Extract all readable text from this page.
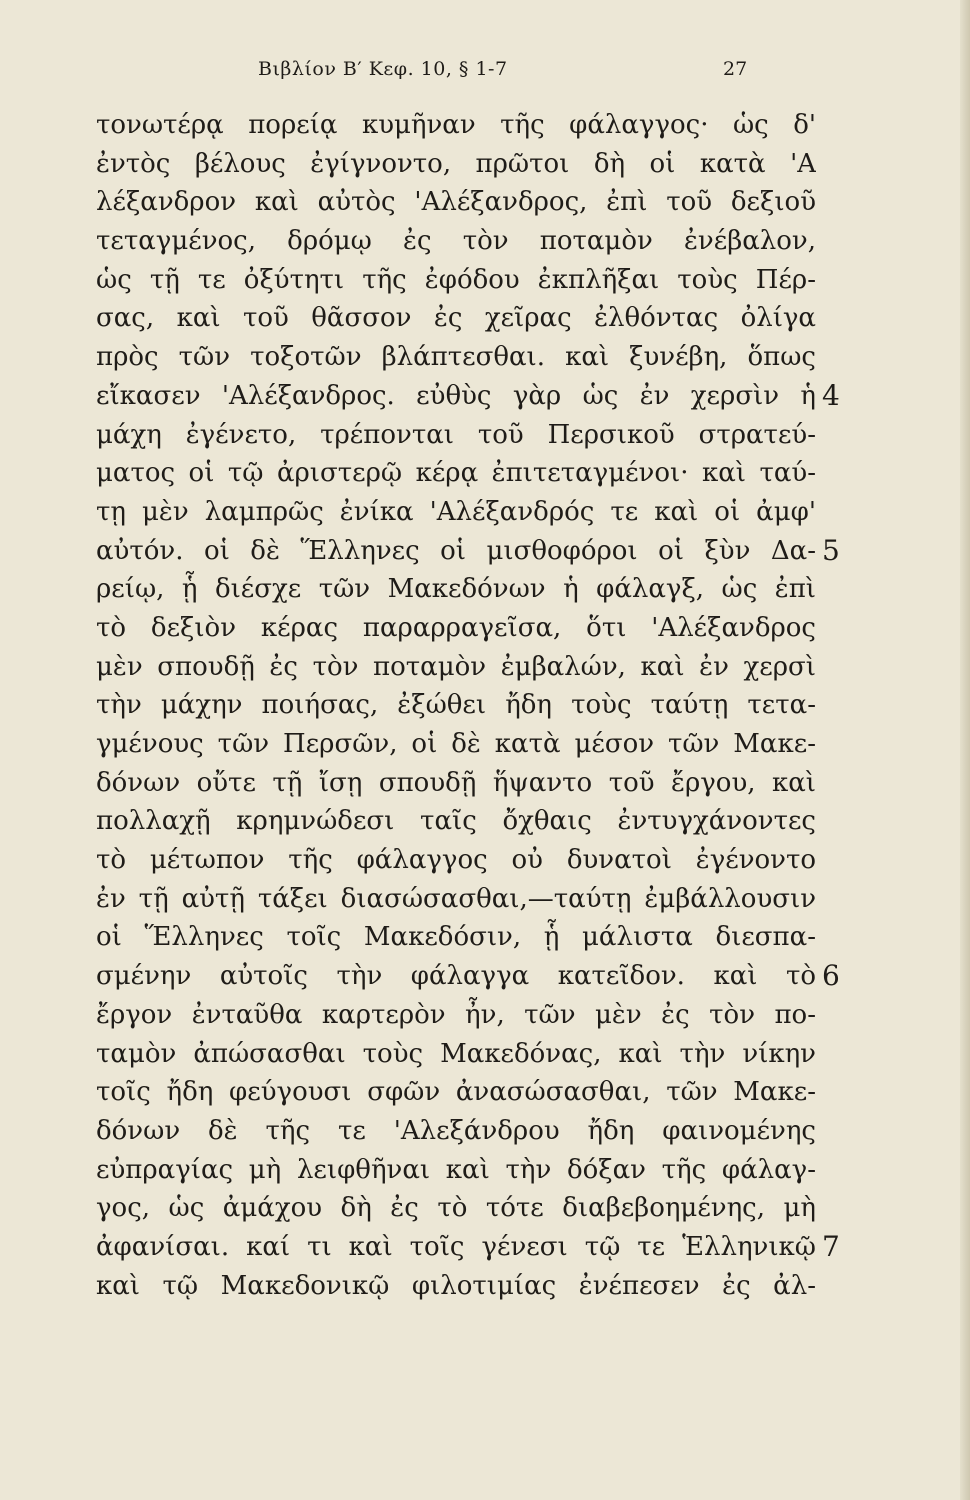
Βιβλίον Β′ Κεφ. 10, § 1-7	27
τονωτέρᾳ πορείᾳ κυμῆναν τῆς φάλαγγος· ὡς δ'
ἐντὸς βέλους ἐγίγνοντο, πρῶτοι δὴ οἱ κατὰ 'Α
λέξανδρον καὶ αὐτὸς 'Αλέξανδρος, ἐπὶ τοῦ δεξιοῦ
τεταγμένος, δρόμῳ ἐς τὸν ποταμὸν ἐνέβαλον,
ὡς τῇ τε ὀξύτητι τῆς ἐφόδου ἐκπλῆξαι τοὺς Πέρ-
σας, καὶ τοῦ θᾶσσον ἐς χεῖρας ἐλθόντας ὀλίγα
πρὸς τῶν τοξοτῶν βλάπτεσθαι. καὶ ξυνέβη, ὅπως
εἴκασεν 'Αλέξανδρος. εὐθὺς γὰρ ὡς ἐν χερσὶν ἡ
μάχη ἐγένετο, τρέπονται τοῦ Περσικοῦ στρατεύ-
ματος οἱ τῷ ἀριστερῷ κέρᾳ ἐπιτεταγμένοι· καὶ ταύ-
τῃ μὲν λαμπρῶς ἐνίκα 'Αλέξανδρός τε καὶ οἱ ἀμφ'
αὐτόν. οἱ δὲ Ἕλληνες οἱ μισθοφόροι οἱ ξὺν Δα-
ρείῳ, ᾗ διέσχε τῶν Μακεδόνων ἡ φάλαγξ, ὡς ἐπὶ
τὸ δεξιὸν κέρας παραρραγεῖσα, ὅτι 'Αλέξανδρος
μὲν σπουδῇ ἐς τὸν ποταμὸν ἐμβαλών, καὶ ἐν χερσὶ
τὴν μάχην ποιήσας, ἐξώθει ἤδη τοὺς ταύτῃ τετα-
γμένους τῶν Περσῶν, οἱ δὲ κατὰ μέσον τῶν Μακε-
δόνων οὔτε τῇ ἴσῃ σπουδῇ ἥψαντο τοῦ ἔργου, καὶ
πολλαχῇ κρημνώδεσι ταῖς ὄχθαις ἐντυγχάνοντες
τὸ μέτωπον τῆς φάλαγγος οὐ δυνατοὶ ἐγένοντο
ἐν τῇ αὐτῇ τάξει διασώσασθαι,—ταύτῃ ἐμβάλλουσιν
οἱ Ἕλληνες τοῖς Μακεδόσιν, ᾗ μάλιστα διεσπα-
σμένην αὐτοῖς τὴν φάλαγγα κατεῖδον. καὶ τὸ
ἔργον ἐνταῦθα καρτερὸν ἦν, τῶν μὲν ἐς τὸν πο-
ταμὸν ἀπώσασθαι τοὺς Μακεδόνας, καὶ τὴν νίκην
τοῖς ἤδη φεύγουσι σφῶν ἀνασώσασθαι, τῶν Μακε-
δόνων δὲ τῆς τε 'Αλεξάνδρου ἤδη φαινομένης
εὐπραγίας μὴ λειφθῆναι καὶ τὴν δόξαν τῆς φάλαγ-
γος, ὡς ἀμάχου δὴ ἐς τὸ τότε διαβεβοημένης, μὴ
ἀφανίσαι. καί τι καὶ τοῖς γένεσι τῷ τε Ἑλληνικῷ
καὶ τῷ Μακεδονικῷ φιλοτιμίας ἐνέπεσεν ἐς ἀλ-
4
5
6
7
